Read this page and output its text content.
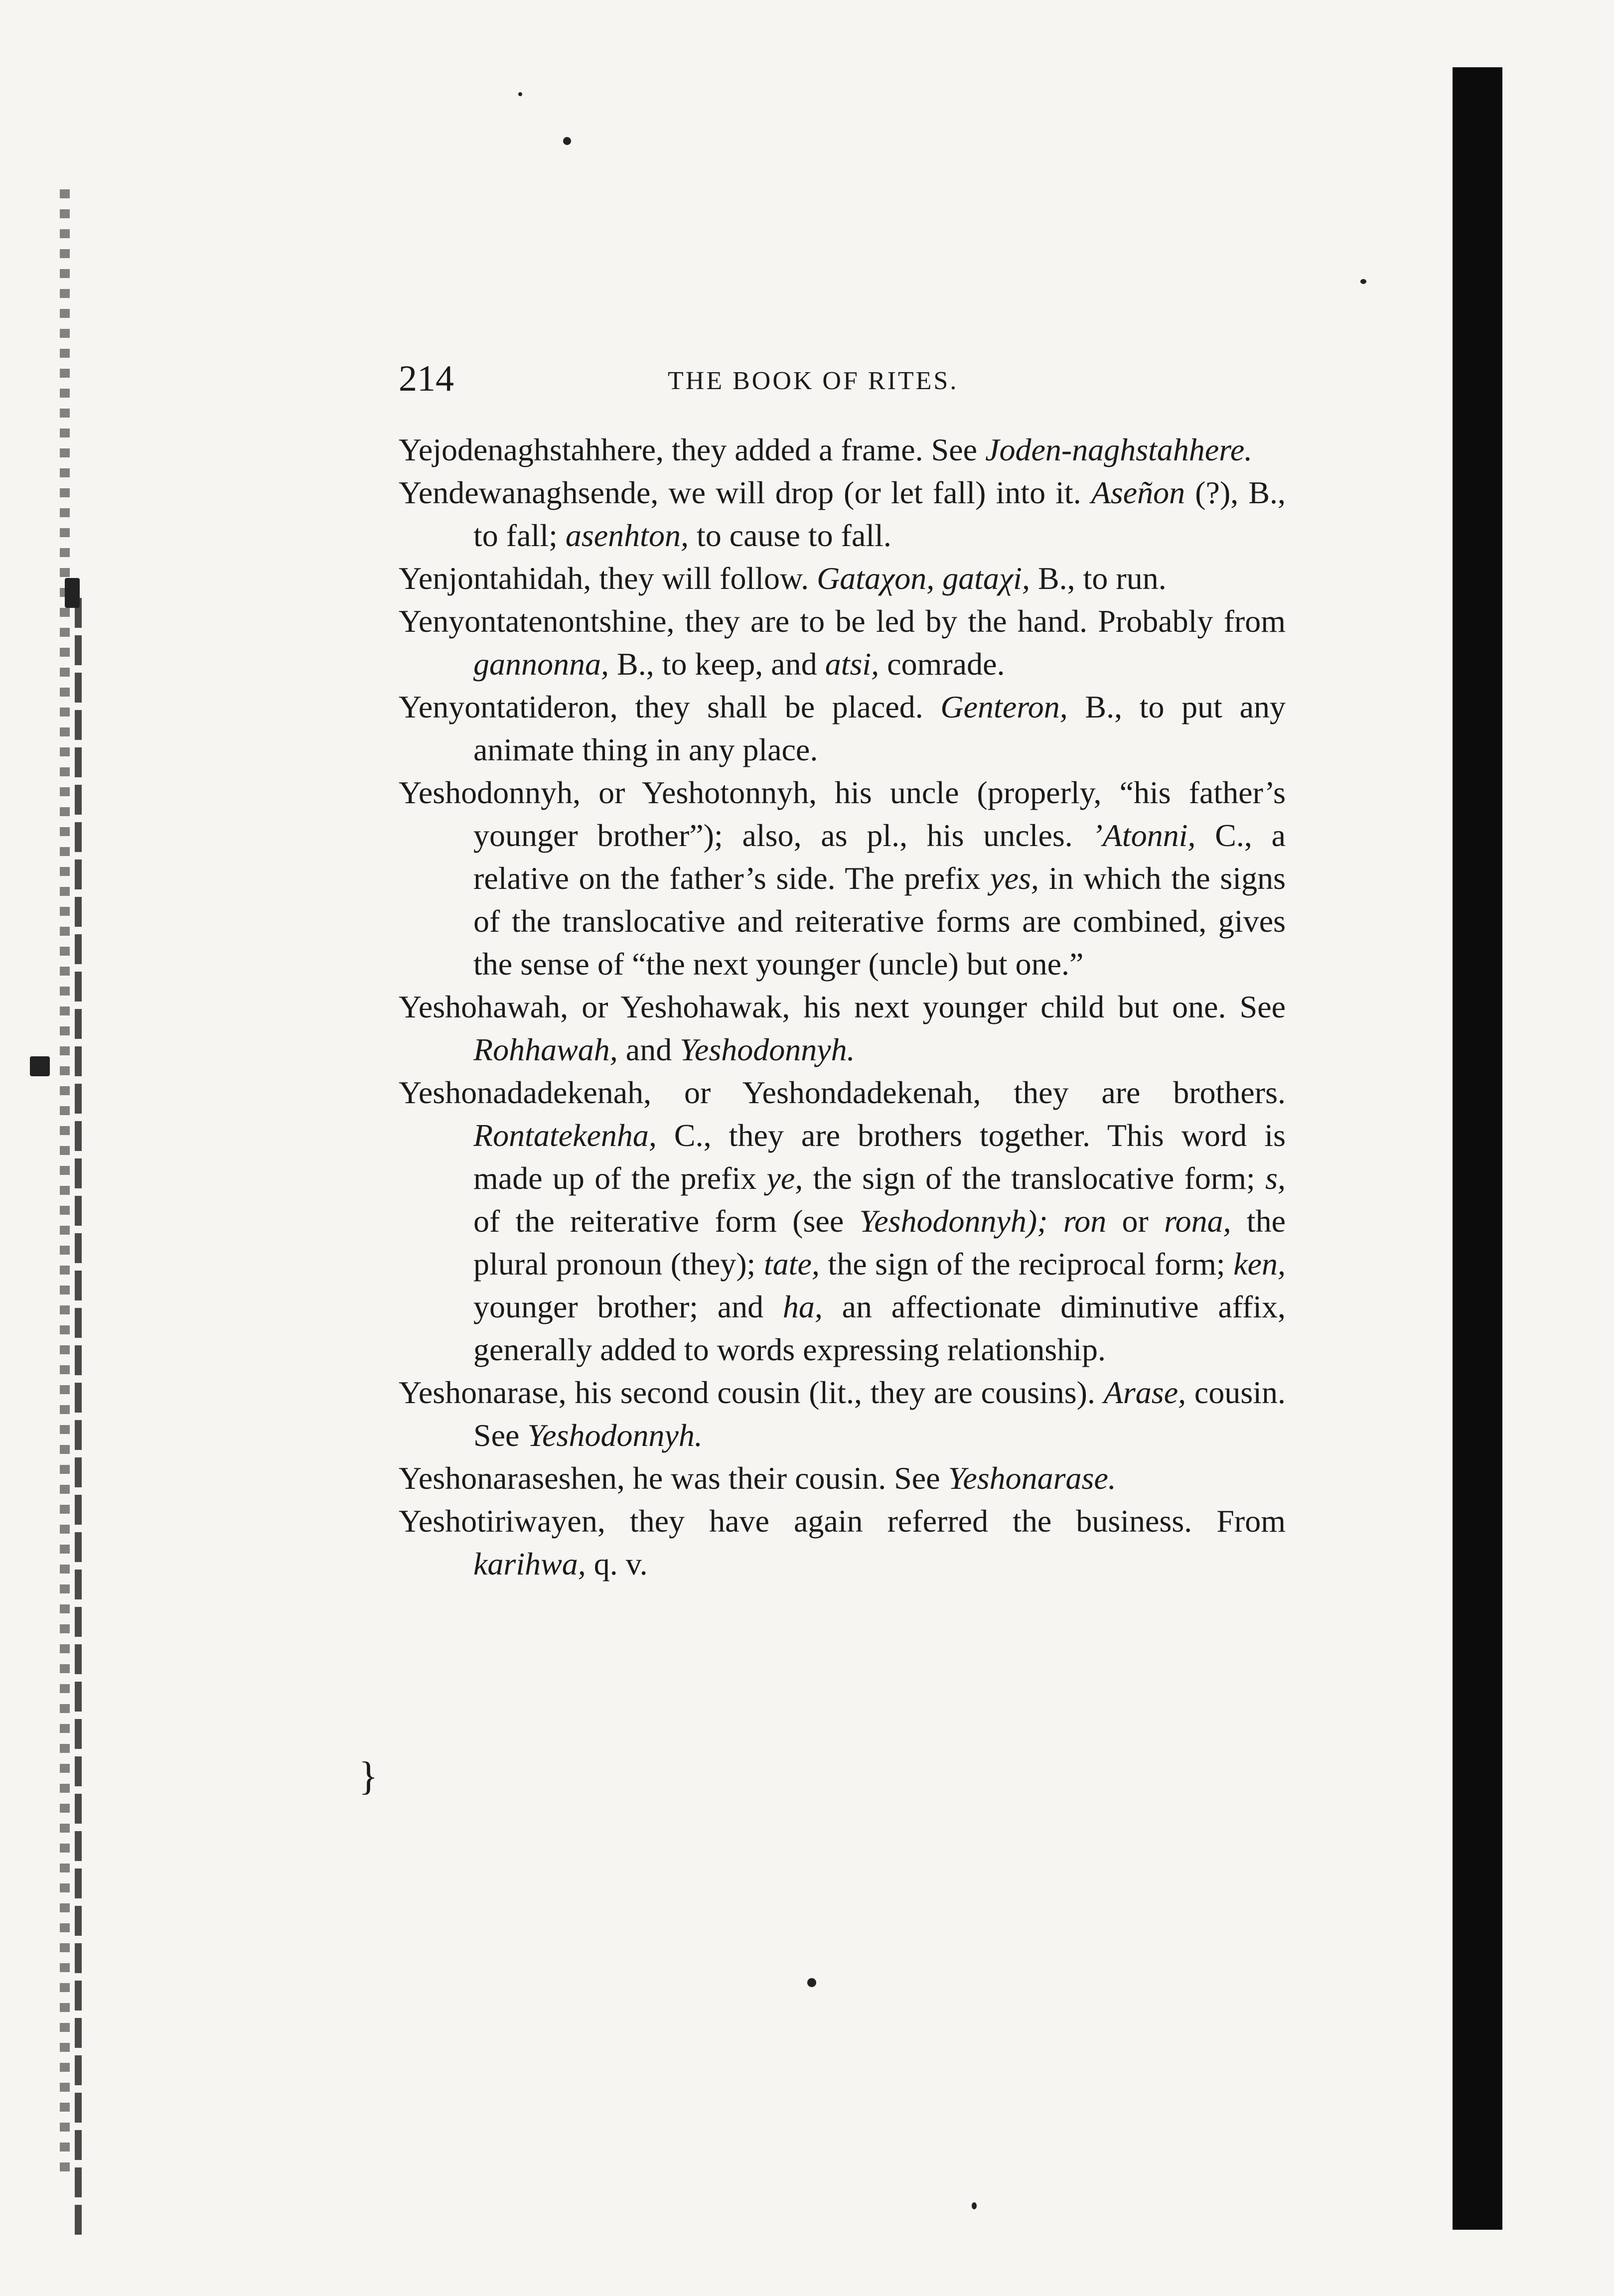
214	THE BOOK OF RITES.
}

Yejodenaghstahhere, they added a frame. See Joden-naghstahhere.

Yendewanaghsende, we will drop (or let fall) into it. Aseñon (?), B., to fall; asenhton, to cause to fall.

Yenjontahidah, they will follow. Gataχon, gataχi, B., to run.

Yenyontatenontshine, they are to be led by the hand. Probably from gannonna, B., to keep, and atsi, comrade.

Yenyontatideron, they shall be placed. Genteron, B., to put any animate thing in any place.

Yeshodonnyh, or Yeshotonnyh, his uncle (properly, “his father’s younger brother”); also, as pl., his uncles. ’Atonni, C., a relative on the father’s side. The prefix yes, in which the signs of the translocative and reiterative forms are combined, gives the sense of “the next younger (uncle) but one.”

Yeshohawah, or Yeshohawak, his next younger child but one. See Rohhawah, and Yeshodonnyh.

Yeshonadadekenah, or Yeshondadekenah, they are brothers. Rontatekenha, C., they are brothers together. This word is made up of the prefix ye, the sign of the translocative form; s, of the reiterative form (see Yeshodonnyh); ron or rona, the plural pronoun (they); tate, the sign of the reciprocal form; ken, younger brother; and ha, an affectionate diminutive affix, generally added to words expressing relationship.

Yeshonarase, his second cousin (lit., they are cousins). Arase, cousin. See Yeshodonnyh.

Yeshonaraseshen, he was their cousin. See Yeshonarase.

Yeshotiriwayen, they have again referred the business. From karihwa, q. v.
